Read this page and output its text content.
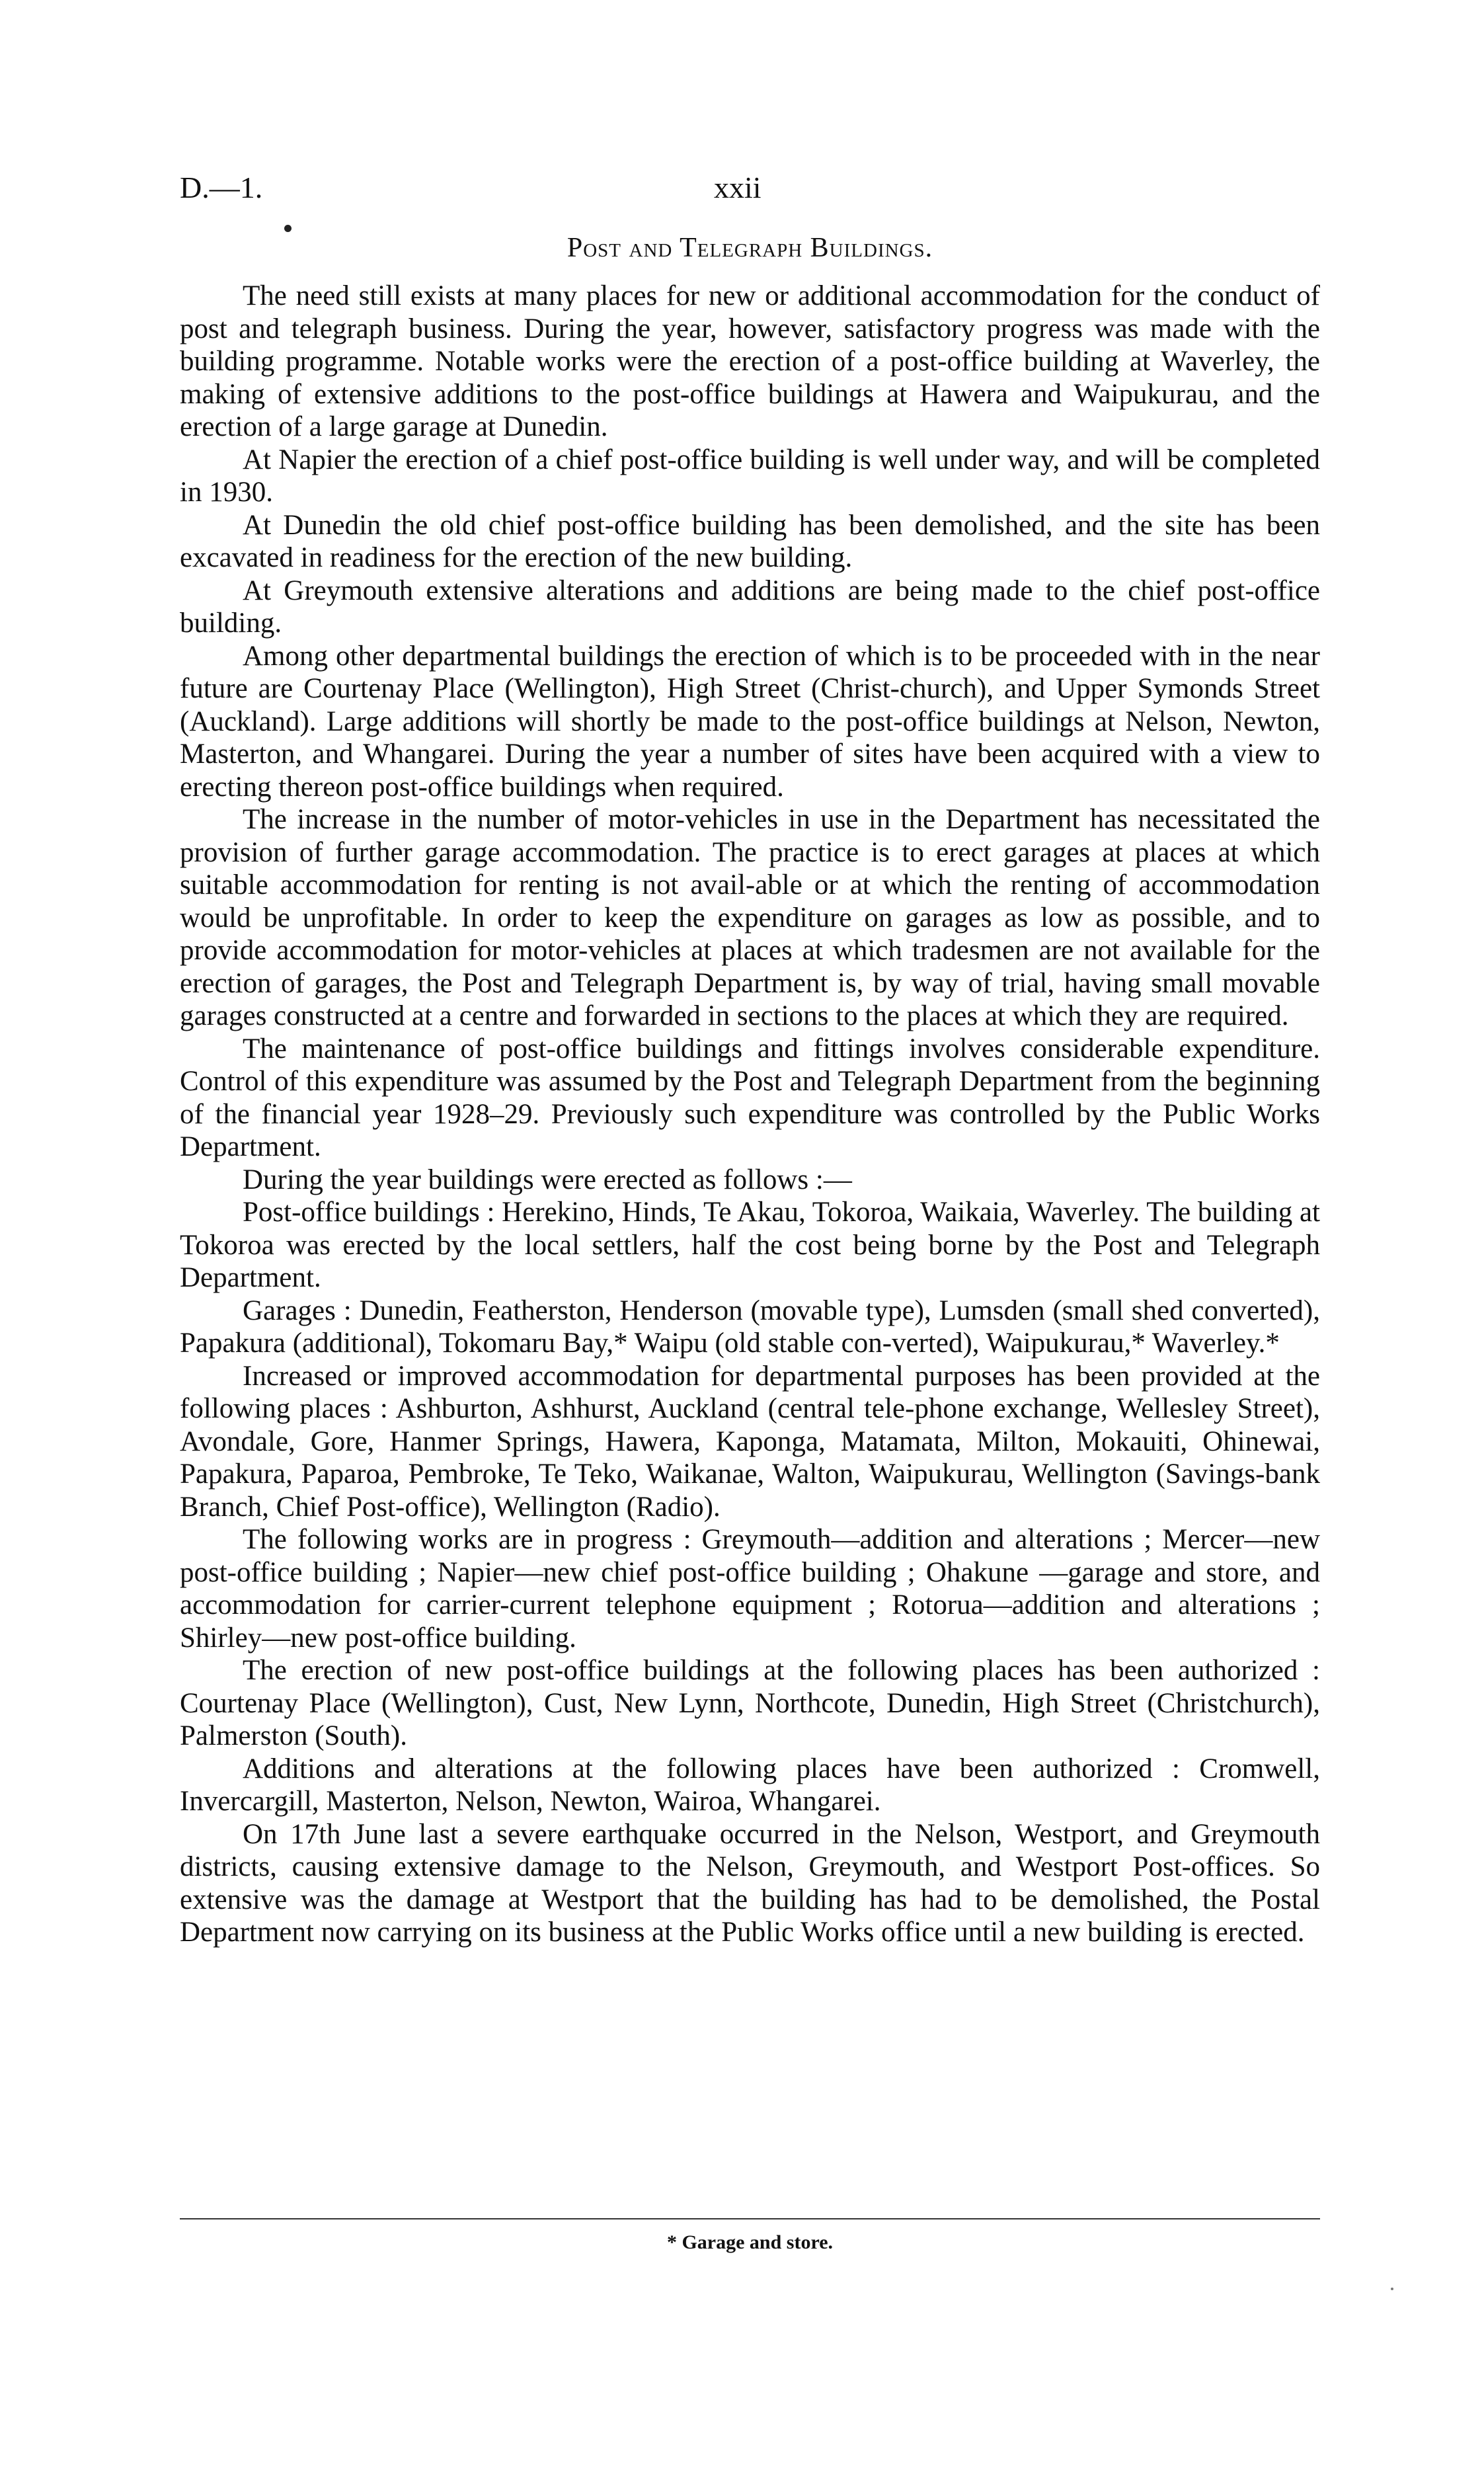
D.—1.	xxii
Post and Telegraph Buildings.

The need still exists at many places for new or additional accommodation for the conduct of post and telegraph business. During the year, however, satisfactory progress was made with the building programme. Notable works were the erection of a post-office building at Waverley, the making of extensive additions to the post-office buildings at Hawera and Waipukurau, and the erection of a large garage at Dunedin.

At Napier the erection of a chief post-office building is well under way, and will be completed in 1930.

At Dunedin the old chief post-office building has been demolished, and the site has been excavated in readiness for the erection of the new building.

At Greymouth extensive alterations and additions are being made to the chief post-office building.

Among other departmental buildings the erection of which is to be proceeded with in the near future are Courtenay Place (Wellington), High Street (Christ-church), and Upper Symonds Street (Auckland). Large additions will shortly be made to the post-office buildings at Nelson, Newton, Masterton, and Whangarei. During the year a number of sites have been acquired with a view to erecting thereon post-office buildings when required.

The increase in the number of motor-vehicles in use in the Department has necessitated the provision of further garage accommodation. The practice is to erect garages at places at which suitable accommodation for renting is not avail-able or at which the renting of accommodation would be unprofitable. In order to keep the expenditure on garages as low as possible, and to provide accommodation for motor-vehicles at places at which tradesmen are not available for the erection of garages, the Post and Telegraph Department is, by way of trial, having small movable garages constructed at a centre and forwarded in sections to the places at which they are required.

The maintenance of post-office buildings and fittings involves considerable expenditure. Control of this expenditure was assumed by the Post and Telegraph Department from the beginning of the financial year 1928–29. Previously such expenditure was controlled by the Public Works Department.

During the year buildings were erected as follows :—

Post-office buildings : Herekino, Hinds, Te Akau, Tokoroa, Waikaia, Waverley. The building at Tokoroa was erected by the local settlers, half the cost being borne by the Post and Telegraph Department.

Garages : Dunedin, Featherston, Henderson (movable type), Lumsden (small shed converted), Papakura (additional), Tokomaru Bay,* Waipu (old stable con-verted), Waipukurau,* Waverley.*

Increased or improved accommodation for departmental purposes has been provided at the following places : Ashburton, Ashhurst, Auckland (central tele-phone exchange, Wellesley Street), Avondale, Gore, Hanmer Springs, Hawera, Kaponga, Matamata, Milton, Mokauiti, Ohinewai, Papakura, Paparoa, Pembroke, Te Teko, Waikanae, Walton, Waipukurau, Wellington (Savings-bank Branch, Chief Post-office), Wellington (Radio).

The following works are in progress : Greymouth—addition and alterations ; Mercer—new post-office building ; Napier—new chief post-office building ; Ohakune —garage and store, and accommodation for carrier-current telephone equipment ; Rotorua—addition and alterations ; Shirley—new post-office building.

The erection of new post-office buildings at the following places has been authorized : Courtenay Place (Wellington), Cust, New Lynn, Northcote, Dunedin, High Street (Christchurch), Palmerston (South).

Additions and alterations at the following places have been authorized : Cromwell, Invercargill, Masterton, Nelson, Newton, Wairoa, Whangarei.

On 17th June last a severe earthquake occurred in the Nelson, Westport, and Greymouth districts, causing extensive damage to the Nelson, Greymouth, and Westport Post-offices. So extensive was the damage at Westport that the building has had to be demolished, the Postal Department now carrying on its business at the Public Works office until a new building is erected.

* Garage and store.
